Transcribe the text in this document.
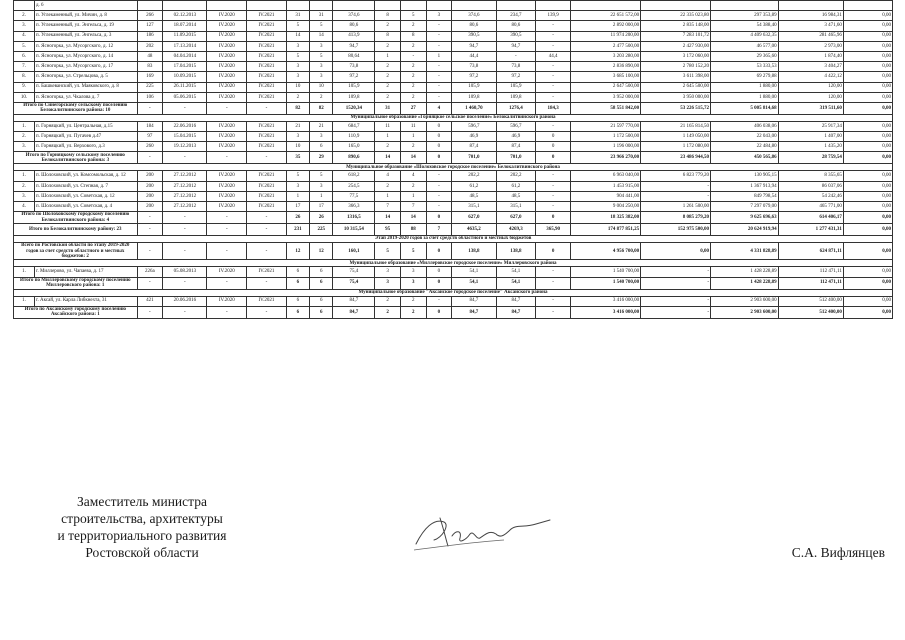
	д. 6																		
2.	п. Углекаменный, ул. Мичин, д. 8	266	02.12.2013	IV.2020	IV.2021	31	31	374,6	8	5	3	374,6	234,7	139,9	22 651 572,00	22 335 023,80	297 353,89	16 984,31	0,00
3.	п. Углекаменный, ул. Энгельса, д. 19	127	18.07.2014	IV.2020	IV.2021	5	5	80,6	2	2	-	80,6	80,6	-	2 892 000,00	2 835 148,00	54 388,40	3 471,60	0,00
4.	п. Углекаменный, ул. Энгельса, д. 3	186	11.09.2015	IV.2020	IV.2021	14	14	413,9	8	8	-	390,5	390,5	-	11 974 200,00	7 283 101,72	4 409 632,35	281 465,96	0,00
5.	п. Ясногорка, ул. Мусоргского, д. 12	202	17.13.2014	IV.2020	IV.2021	3	3	94,7	2	2	-	94,7	94,7	-	2 477 500,00	2 427 930,00	46 577,00	2 973,00	0,00
6.	п. Ясногорка, ул. Мусоргского, д. 14	48	04.04.2014	IV.2020	IV.2021	5	5	80,64	1	-	1	44,4	-	44,4	3 203 280,00	3 172 060,00	29 365,60	1 874,40	0,00
7.	п. Ясногорка, ул. Мусоргского, д. 17	83	17.04.2015	IV.2020	IV.2021	3	3	73,8	2	2	-	73,8	73,8	-	2 836 890,00	2 780 152,20	53 333,53	3 404,27	0,00
8.	п. Ясногорка, ул. Стрельцова, д. 5	169	10.09.2015	IV.2020	IV.2021	3	3	97,2	2	2	-	97,2	97,2	-	3 685 100,00	3 611 398,00	69 279,88	4 422,12	0,00
9.	п. Башкеванский, ул. Маяковского, д. 8	225	26.11.2015	IV.2020	IV.2021	10	10	105,9	2	2	-	105,9	105,9	-	2 647 500,00	2 645 500,00	1 880,00	120,00	0,00
10.	п. Ясногорка, ул. Чкалова д. 7	106	05.06.2015	IV.2020	IV.2021	2	2	109,8	2	2	-	109,8	109,8	-	3 952 000,00	3 950 000,00	1 880,00	120,00	0,00
Итого по Синегорскому сельскому поселению Белокалитвинского района: 10		-	-	-	-	82	82	1520,34	31	27	4	1 460,70	1276,4	184,3	58 551 842,00	53 226 515,72	5 005 814,68	319 511,60	0,00
Муниципальное образование «Горняцкое сельское поселение» Белокалитвинского района																			
1.	п. Горняцкий, ул. Центральная, д.15	184	22.06.2016	IV.2020	IV.2021	21	21	684,7	11	11	0	596,7	596,7	-	21 597 770,00	21 165 814,50	406 038,06	25 917,34	0,00
2.	п. Горняцкий, ул. Пугачев д.47	97	15.04.2015	IV.2020	IV.2021	3	3	110,9	1	1	0	46,9	46,9	0	1 172 500,00	1 149 050,00	22 043,00	1 407,00	0,00
3.	п. Горняцкий, ул. Верхового, д.3	260	19.12.2013	IV.2020	IV.2021	10	6	165,0	2	2	0	87,4	87,4	0	1 196 000,00	1 172 080,00	22 484,80	1 435,20	0,00
Итого по Горняцкому сельскому поселению Белокалитвинского района: 3		-	-	-	-	35	29	890,6	14	14	0	701,0	701,0	0	23 966 270,00	23 486 944,50	450 565,86	28 759,54	0,00
Муниципальное образование «Шолоховское городское поселение» Белокалитвинского района																			
1.	п. Шолоховский, ул. Комсомольская, д. 12	200	27.12.2012	IV.2020	IV.2021	5	5	618,2	4	4	-	202,2	202,2	-	6 963 040,00	6 823 779,20	130 905,15	8 355,65	0,00
2.	п. Шолоховский, ул. Степная, д. 7	200	27.12.2012	IV.2020	IV.2021	3	3	254,5	2	2	-	61,2	61,2	-	1 453 915,00	-	1 367 913,94	86 037,06	0,00
3.	п. Шолоховский, ул. Советская, д. 12	200	27.12.2012	IV.2020	IV.2021	1	1	77,5	1	1	-	48,5	48,5	-	904 441,00	-	849 798,54	54 242,46	0,00
4.	п. Шолоховский, ул. Советская, д. 4	200	27.12.2012	IV.2020	IV.2021	17	17	366,3	7	7	-	315,1	315,1	-	9 004 250,00	1 261 500,00	7 297 079,00	465 771,00	0,00
Итого по Шолоховскому городскому поселению Белокалитвинского района: 4		-	-	-	-	26	26	1316,5	14	14	0	627,0	627,0	0	18 325 382,00	8 085 279,20	9 625 696,63	614 406,17	0,00
Итого по Белокалитвинскому району: 23		-	-	-	-	231	225	10 315,54	95	88	7	4635,2	4269,3	365,90	174 877 851,25	152 975 500,00	20 624 919,94	1 277 431,31	0,00
Этап 2019-2020 годов за счет средств областного и местных бюджетов																			
Всего по Ростовской области по этапу 2019-2020 годов за счет средств областного и местных бюджетов: 2		-	-	-	-	12	12	160,1	5	5	0	138,8	138,8	0	4 956 700,00	0,00	4 331 828,89	624 871,11	0,00
Муниципальное образование «Миллеровское городское поселение» Миллеровского района																			
1.	г. Миллерово, ул. Чапаева, д. 17	226a	05.08.2013	IV.2020	IV.2021	6	6	75,4	3	3	0	54,1	54,1	-	1 540 700,00	-	1 428 228,89	112 471,11	0,00
Итого по Миллеровскому городскому поселению Миллеровского района: 1		-	-	-	-	6	6	75,4	3	3	0	54,1	54,1	-	1 540 700,00	-	1 428 228,89	112 471,11	0,00
Муниципальное образование "Аксайское городское поселение" Аксайского района																			
1.	г. Аксай, ул. Карла Либкнехта, 31	421	20.06.2016	IV.2020	IV.2021	6	6	84,7	2	2	-	84,7	84,7	-	3 416 000,00	-	2 903 600,00	512 400,00	0,00
Итого по Аксайскому городскому поселению Аксайского района: 1		-	-	-	-	6	6	84,7	2	2	0	84,7	84,7	-	3 416 000,00	-	2 903 600,00	512 400,00	0,00
Заместитель министра
строительства, архитектуры
и территориального развития
Ростовской области	С.А. Вифлянцев
